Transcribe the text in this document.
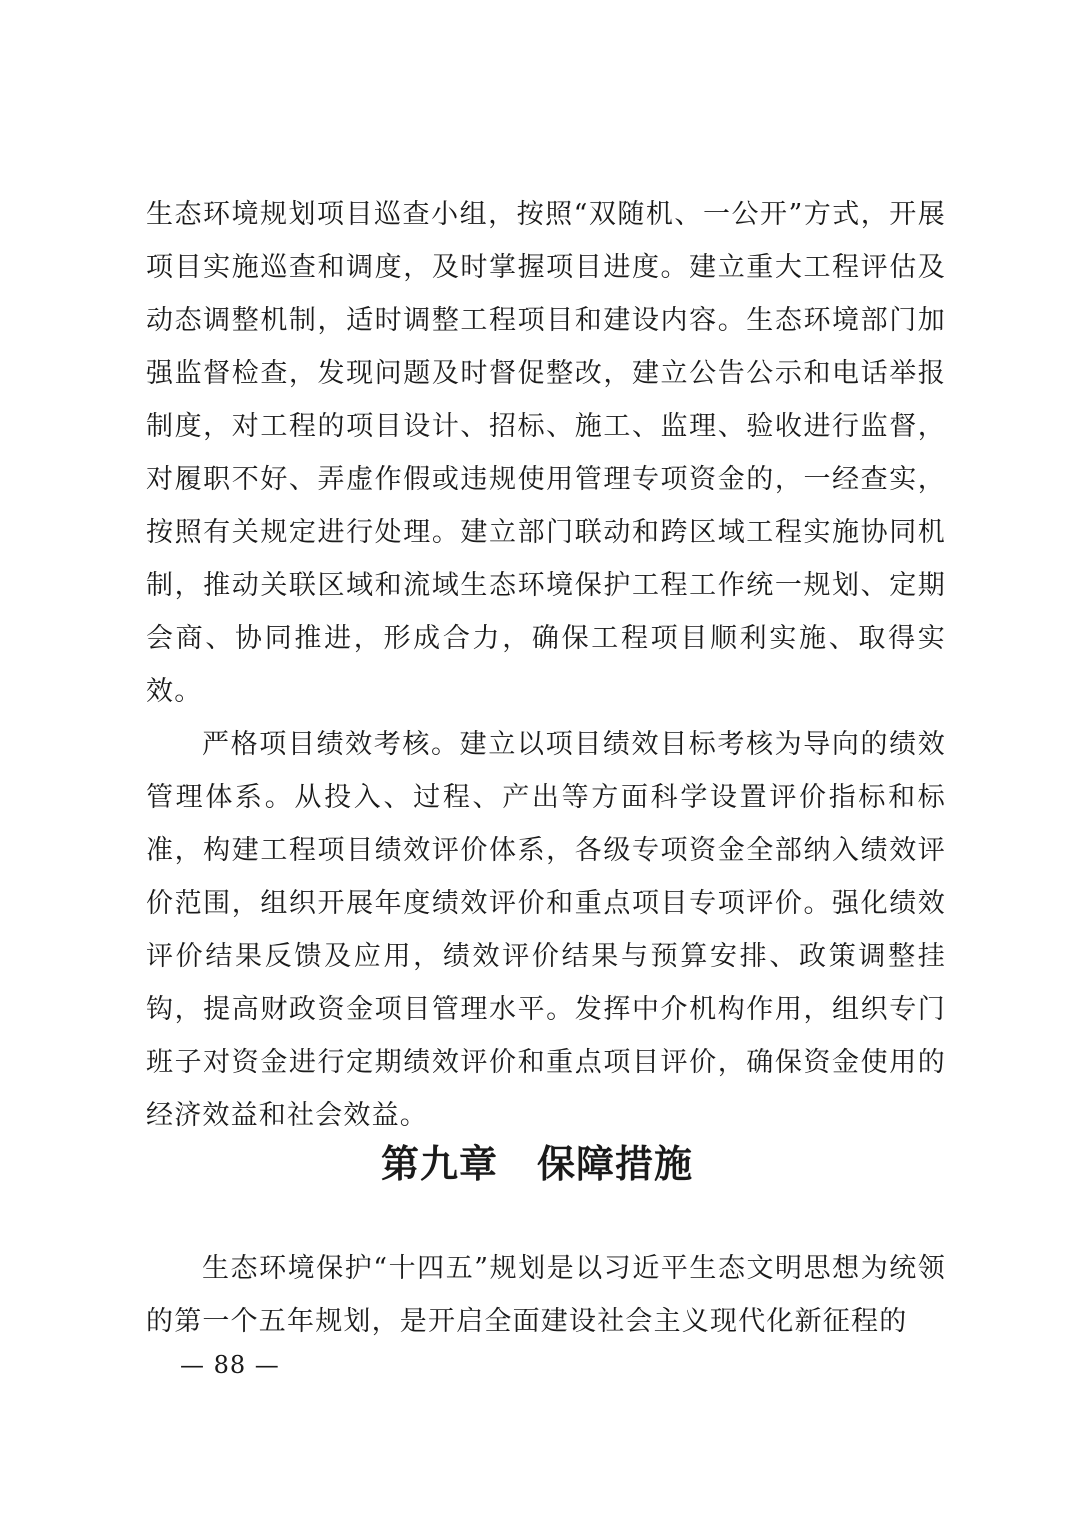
生态环境规划项目巡查小组，按照“双随机、一公开”方式，开展项目实施巡查和调度，及时掌握项目进度。建立重大工程评估及动态调整机制，适时调整工程项目和建设内容。生态环境部门加强监督检查，发现问题及时督促整改，建立公告公示和电话举报制度，对工程的项目设计、招标、施工、监理、验收进行监督，对履职不好、弄虚作假或违规使用管理专项资金的，一经查实，按照有关规定进行处理。建立部门联动和跨区域工程实施协同机制，推动关联区域和流域生态环境保护工程工作统一规划、定期会商、协同推进，形成合力，确保工程项目顺利实施、取得实效。

严格项目绩效考核。建立以项目绩效目标考核为导向的绩效管理体系。从投入、过程、产出等方面科学设置评价指标和标准，构建工程项目绩效评价体系，各级专项资金全部纳入绩效评价范围，组织开展年度绩效评价和重点项目专项评价。强化绩效评价结果反馈及应用，绩效评价结果与预算安排、政策调整挂钩，提高财政资金项目管理水平。发挥中介机构作用，组织专门班子对资金进行定期绩效评价和重点项目评价，确保资金使用的经济效益和社会效益。

第九章　保障措施

生态环境保护“十四五”规划是以习近平生态文明思想为统领的第一个五年规划，是开启全面建设社会主义现代化新征程的

— 88 —
